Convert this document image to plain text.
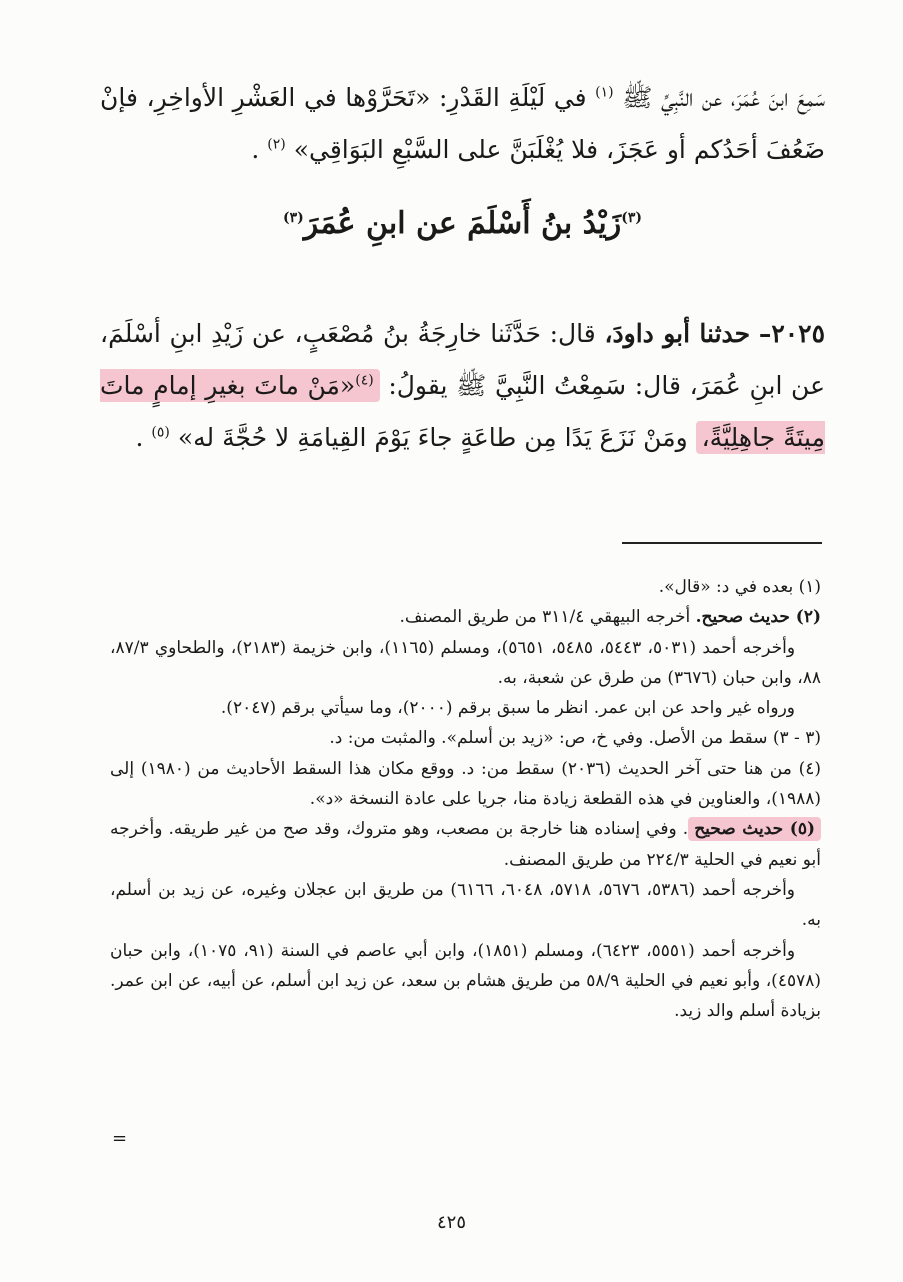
سَمِعَ ابنَ عُمَرَ، عن النَّبِيِّ ﷺ $^{(١)}$ في لَيْلَةِ القَدْرِ: «تَحَرَّوْها في العَشْرِ الأواخِرِ، فإنْ ضَعُفَ أحَدُكم أو عَجَزَ، فلا يُغْلَبَنَّ على السَّبْعِ البَوَاقِي» $^{(٢)}$ .
$^{(٣)}$زَيْدُ بنُ أَسْلَمَ عن ابنِ عُمَرَ$^{(٣)}$
٢٠٢٥– حدثنا أبو داودَ، قال: حَدَّثَنا خارِجَةُ بنُ مُصْعَبٍ، عن زَيْدِ ابنِ أسْلَمَ، عن ابنِ عُمَرَ، قال: سَمِعْتُ النَّبِيَّ ﷺ يقولُ: $^{(٤)}$«مَنْ ماتَ بغيرِ إمامٍ ماتَ مِيتَةً جاهِلِيَّةً، ومَنْ نَزَعَ يَدًا مِن طاعَةٍ جاءَ يَوْمَ القِيامَةِ لا حُجَّةَ له» $^{(٥)}$ .

(١) بعده في د: «قال».

(٢) حديث صحيح. أخرجه البيهقي ٣١١/٤ من طريق المصنف.

وأخرجه أحمد (٥٠٣١، ٥٤٤٣، ٥٤٨٥، ٥٦٥١)، ومسلم (١١٦٥)، وابن خزيمة (٢١٨٣)، والطحاوي ٨٧/٣، ٨٨، وابن حبان (٣٦٧٦) من طرق عن شعبة، به.

ورواه غير واحد عن ابن عمر. انظر ما سبق برقم (٢٠٠٠)، وما سيأتي برقم (٢٠٤٧).

(٣ - ٣) سقط من الأصل. وفي خ، ص: «زيد بن أسلم». والمثبت من: د.

(٤) من هنا حتى آخر الحديث (٢٠٣٦) سقط من: د. ووقع مكان هذا السقط الأحاديث من (١٩٨٠) إلى (١٩٨٨)، والعناوين في هذه القطعة زيادة منا، جريا على عادة النسخة «د».

(٥) حديث صحيح. وفي إسناده هنا خارجة بن مصعب، وهو متروك، وقد صح من غير طريقه. وأخرجه أبو نعيم في الحلية ٢٢٤/٣ من طريق المصنف.

وأخرجه أحمد (٥٣٨٦، ٥٦٧٦، ٥٧١٨، ٦٠٤٨، ٦١٦٦) من طريق ابن عجلان وغيره، عن زيد بن أسلم، به.

وأخرجه أحمد (٥٥٥١، ٦٤٢٣)، ومسلم (١٨٥١)، وابن أبي عاصم في السنة (٩١، ١٠٧٥)، وابن حبان (٤٥٧٨)، وأبو نعيم في الحلية ٥٨/٩ من طريق هشام بن سعد، عن زيد ابن أسلم، عن أبيه، عن ابن عمر. بزيادة أسلم والد زيد.

=
٤٢٥
